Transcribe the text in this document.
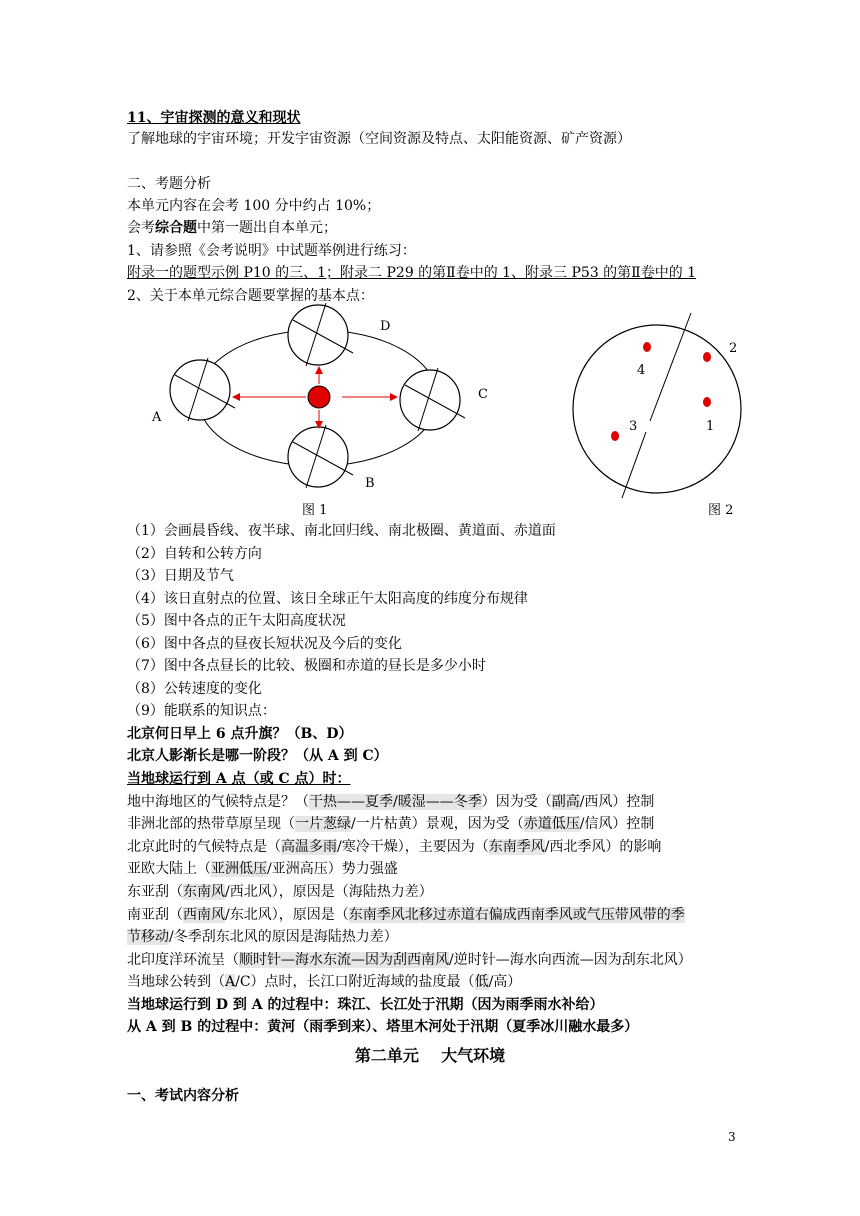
11、宇宙探测的意义和现状
了解地球的宇宙环境；开发宇宙资源（空间资源及特点、太阳能资源、矿产资源）
二、考题分析
本单元内容在会考 100 分中约占 10%；
会考综合题中第一题出自本单元；
1、请参照《会考说明》中试题举例进行练习：
附录一的题型示例 P10 的三、1；附录二 P29 的第Ⅱ卷中的 1、附录三 P53 的第Ⅱ卷中的 1
2、关于本单元综合题要掌握的基本点：
A
B
C
D
图 1
4
2
1
3
图 2
（1）会画晨昏线、夜半球、南北回归线、南北极圈、黄道面、赤道面
（2）自转和公转方向
（3）日期及节气
（4）该日直射点的位置、该日全球正午太阳高度的纬度分布规律
（5）图中各点的正午太阳高度状况
（6）图中各点的昼夜长短状况及今后的变化
（7）图中各点昼长的比较、极圈和赤道的昼长是多少小时
（8）公转速度的变化
（9）能联系的知识点：
北京何日早上 6 点升旗？（B、D）
北京人影渐长是哪一阶段？（从 A 到 C）
当地球运行到 A 点（或 C 点）时：
地中海地区的气候特点是？（干热——夏季/暖湿——冬季）因为受（副高/西风）控制
非洲北部的热带草原呈现（一片葱绿/一片枯黄）景观，因为受（赤道低压/信风）控制
北京此时的气候特点是（高温多雨/寒冷干燥），主要因为（东南季风/西北季风）的影响
亚欧大陆上（亚洲低压/亚洲高压）势力强盛
东亚刮（东南风/西北风），原因是（海陆热力差）
南亚刮（西南风/东北风），原因是（东南季风北移过赤道右偏成西南季风或气压带风带的季
节移动/冬季刮东北风的原因是海陆热力差）
北印度洋环流呈（顺时针—海水东流—因为刮西南风/逆时针—海水向西流—因为刮东北风）
当地球公转到（A/C）点时，长江口附近海域的盐度最（低/高）
当地球运行到 D 到 A 的过程中：珠江、长江处于汛期（因为雨季雨水补给）
从 A 到 B 的过程中：黄河（雨季到来）、塔里木河处于汛期（夏季冰川融水最多）
第二单元    大气环境
一、考试内容分析
3
